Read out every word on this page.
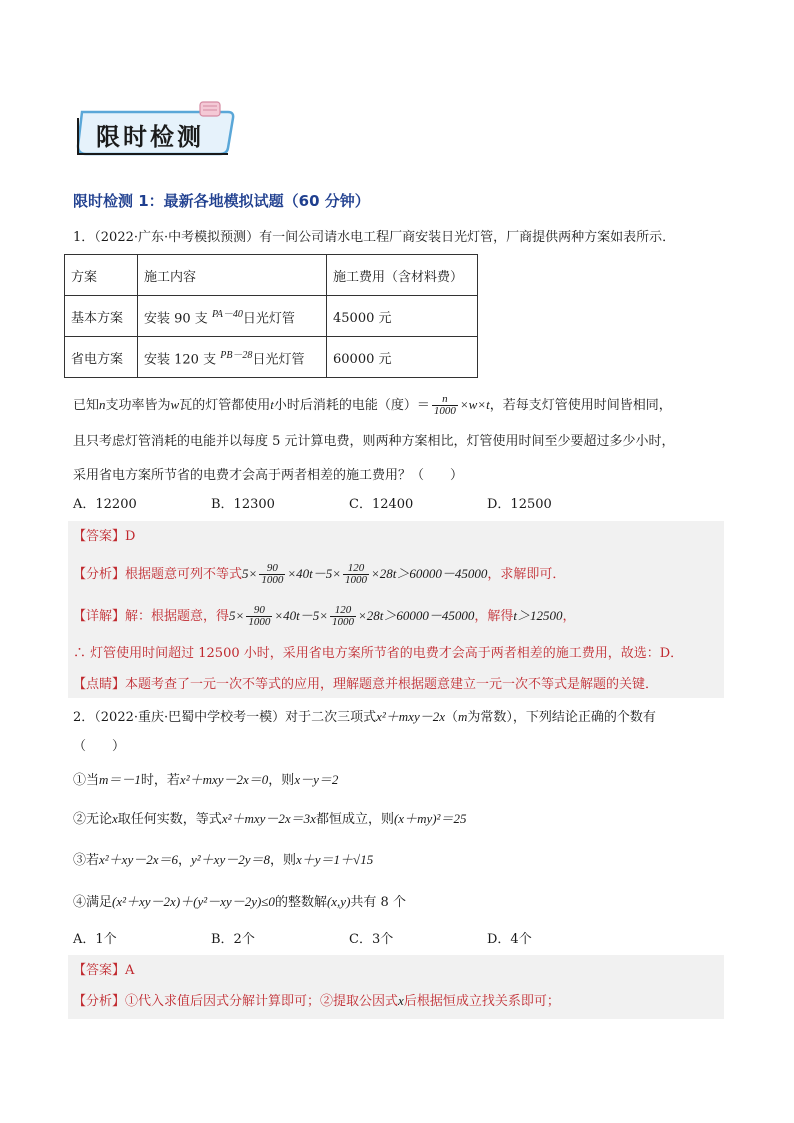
限时检测
限时检测 1：最新各地模拟试题（60 分钟）
1．（2022·广东·中考模拟预测）有一间公司请水电工程厂商安装日光灯管，厂商提供两种方案如表所示．
方案	施工内容	施工费用（含材料费）
基本方案	安装 90 支 $^{PA-40}$日光灯管	45000 元
省电方案	安装 120 支 $^{PB-28}$日光灯管	60000 元
已知n支功率皆为w瓦的灯管都使用t小时后消耗的电能（度）＝ $\frac{n}{1000} \times w\times t$，若每支灯管使用时间皆相同，
且只考虑灯管消耗的电能并以每度 5 元计算电费，则两种方案相比，灯管使用时间至少要超过多少小时，
采用省电方案所节省的电费才会高于两者相差的施工费用？（　　）
A．12200	B．12300	C．12400	D．12500
【答案】D
【分析】根据题意可列不等式$5\times \frac{90}{1000} \times 40t-5\times \frac{120}{1000} \times 28t>60000-45000$，求解即可．
【详解】解：根据题意，得$5\times \frac{90}{1000} \times 40t-5\times \frac{120}{1000} \times 28t>60000-45000$，解得t＞12500，
∴ 灯管使用时间超过 12500 小时，采用省电方案所节省的电费才会高于两者相差的施工费用，故选：D．
【点睛】本题考查了一元一次不等式的应用，理解题意并根据题意建立一元一次不等式是解题的关键．
2．（2022·重庆·巴蜀中学校考一模）对于二次三项式x²＋mxy－2x（m为常数），下列结论正确的个数有
（　　）
①当m＝－1时，若x²＋mxy－2x＝0，则x－y＝2
②无论x取任何实数，等式x²＋mxy－2x＝3x都恒成立，则(x＋my)²＝25
③若x²＋xy－2x＝6，y²＋xy－2y＝8，则x＋y＝1＋√15
④满足(x²＋xy－2x)＋(y²－xy－2y)≤0的整数解(x,y)共有 8 个
A．1个	B．2个	C．3个	D．4个
【答案】A
【分析】①代入求值后因式分解计算即可；②提取公因式x后根据恒成立找关系即可；
